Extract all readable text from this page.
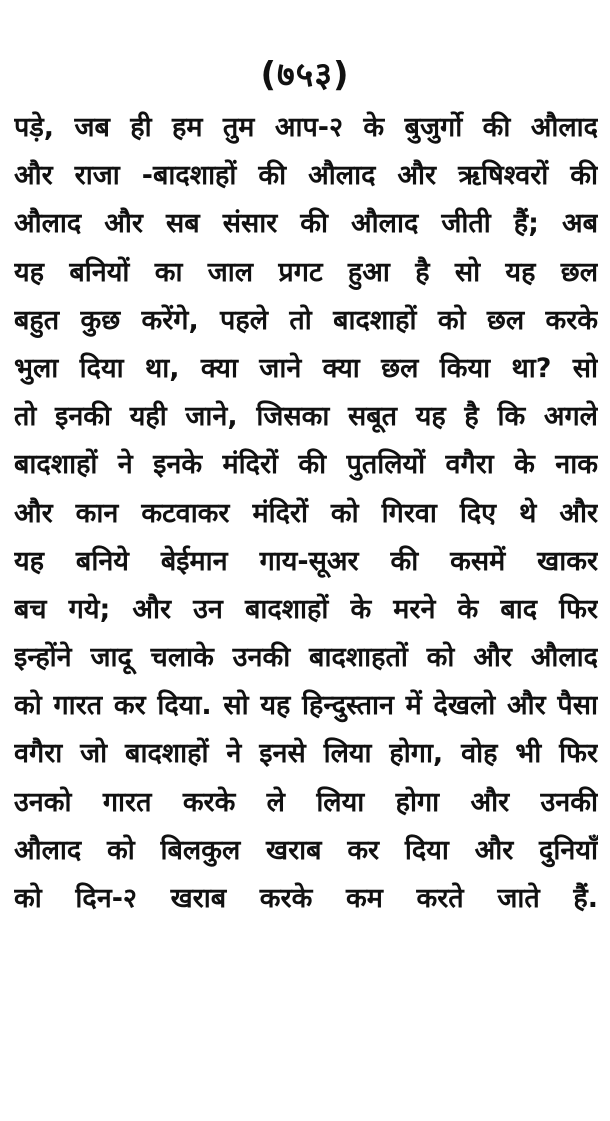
(७५३)
पड़े, जब ही हम तुम आप-२ के बुजुर्गो की औलाद
और राजा -बादशाहों की औलाद और ऋषिश्वरों की
औलाद और सब संसार की औलाद जीती हैं; अब
यह बनियों का जाल प्रगट हुआ है सो यह छल
बहुत कुछ करेंगे, पहले तो बादशाहों को छल करके
भुला दिया था, क्या जाने क्या छल किया था? सो
तो इनकी यही जाने, जिसका सबूत यह है कि अगले
बादशाहों ने इनके मंदिरों की पुतलियों वगैरा के नाक
और कान कटवाकर मंदिरों को गिरवा दिए थे और
यह बनिये बेईमान गाय-सूअर की कसमें खाकर
बच गये; और उन बादशाहों के मरने के बाद फिर
इन्होंने जादू चलाके उनकी बादशाहतों को और औलाद
को गारत कर दिया. सो यह हिन्दुस्तान में देखलो और पैसा
वगैरा जो बादशाहों ने इनसे लिया होगा, वोह भी फिर
उनको गारत करके ले लिया होगा और उनकी
औलाद को बिलकुल खराब कर दिया और दुनियाँ
को दिन-२ खराब करके कम करते जाते हैं.
